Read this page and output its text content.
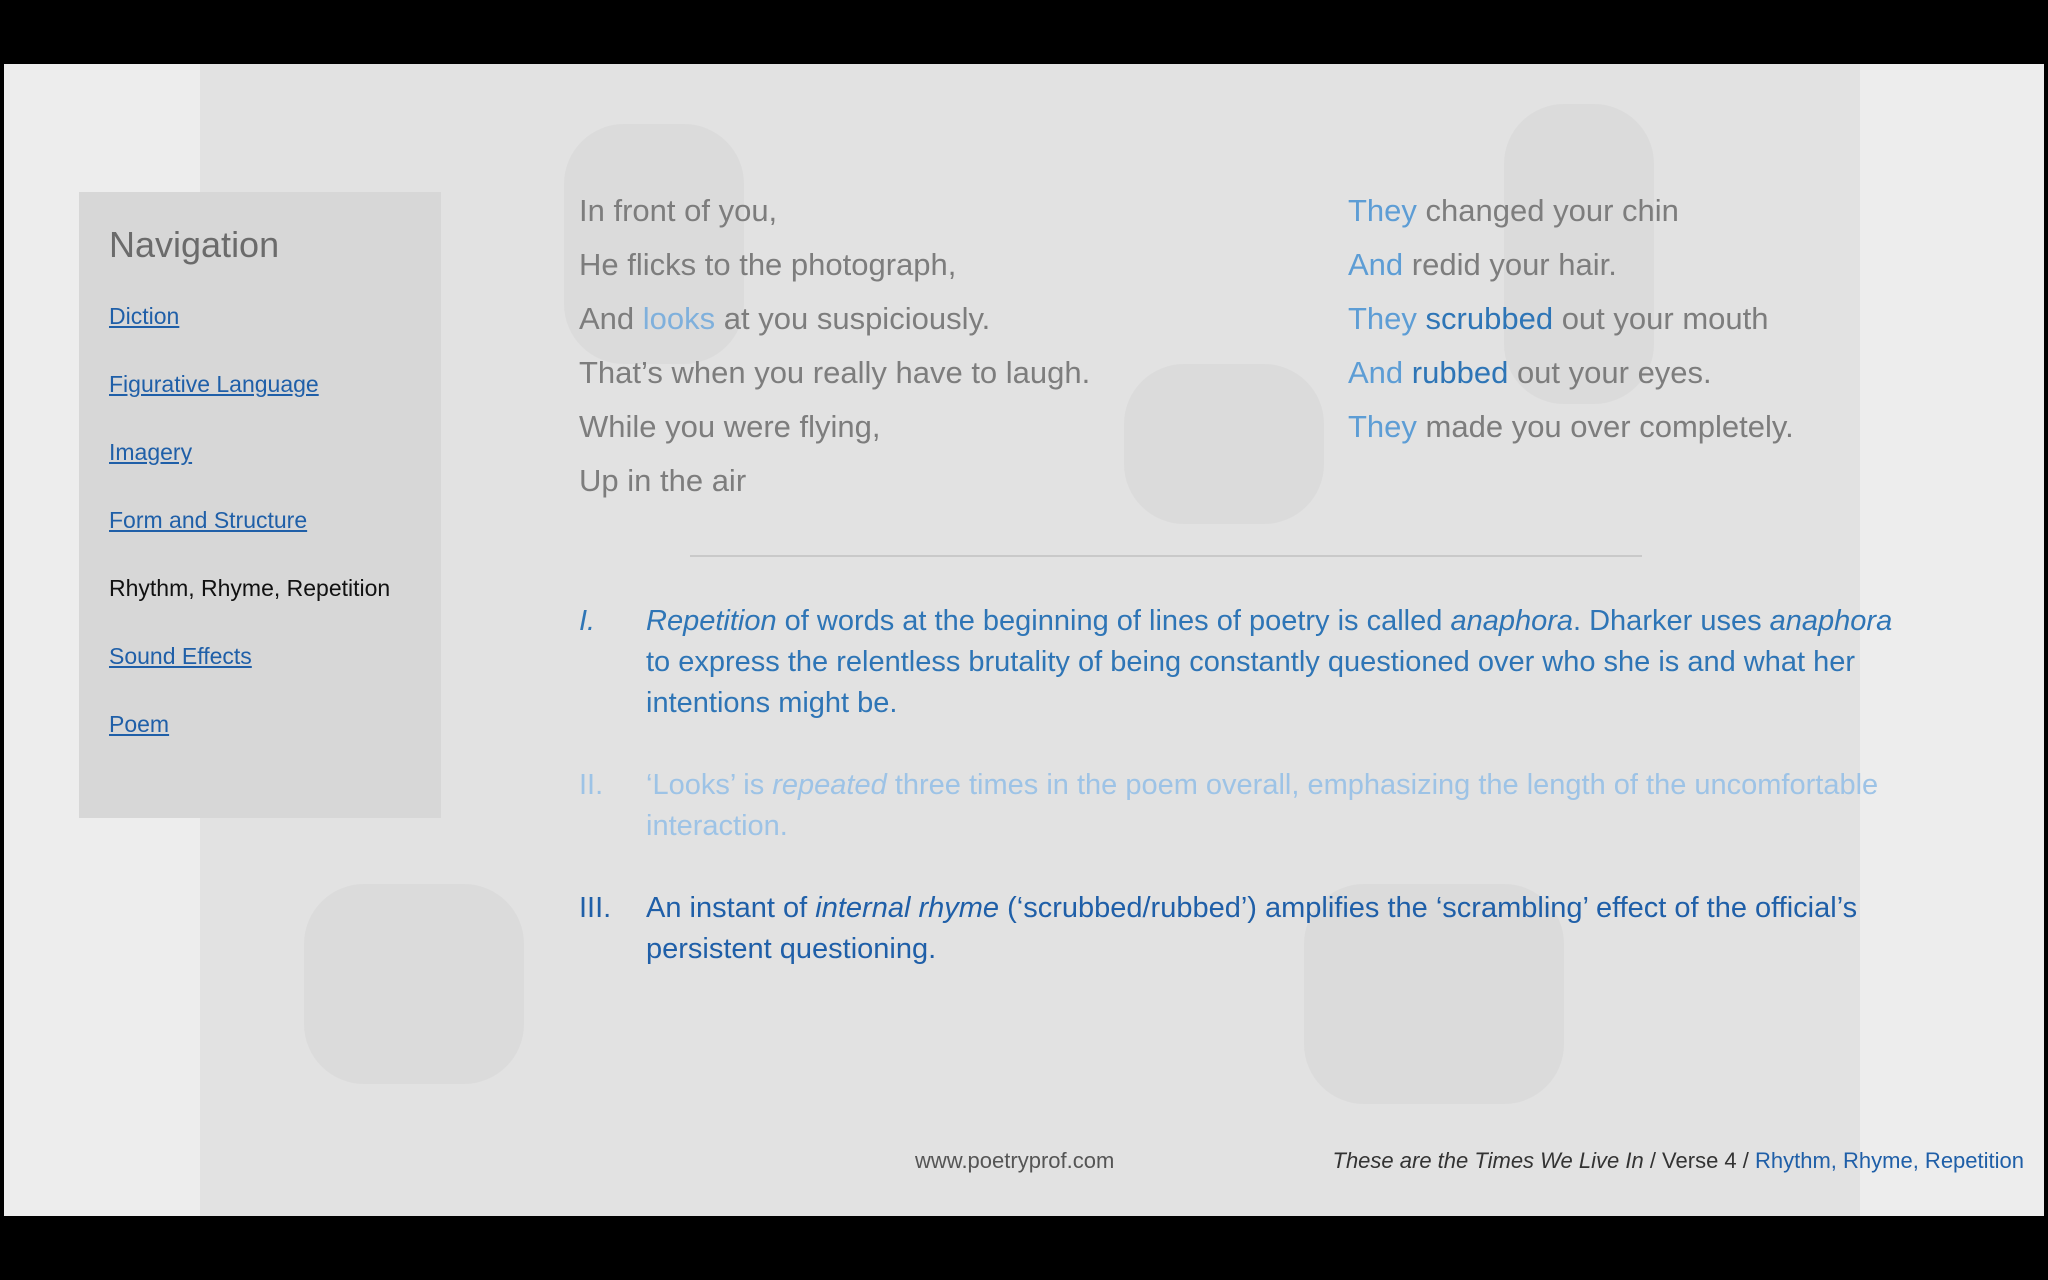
Navigation
Diction
Figurative Language
Imagery
Form and Structure
Rhythm, Rhyme, Repetition
Sound Effects
Poem
In front of you,
He flicks to the photograph,
And looks at you suspiciously.
That’s when you really have to laugh.
While you were flying,
Up in the air
They changed your chin
And redid your hair.
They scrubbed out your mouth
And rubbed out your eyes.
They made you over completely.
I. Repetition of words at the beginning of lines of poetry is called anaphora. Dharker uses anaphora to express the relentless brutality of being constantly questioned over who she is and what her intentions might be.
II. ‘Looks’ is repeated three times in the poem overall, emphasizing the length of the uncomfortable interaction.
III. An instant of internal rhyme (‘scrubbed/rubbed’) amplifies the ‘scrambling’ effect of the official’s persistent questioning.
www.poetryprof.com	These are the Times We Live In / Verse 4 / Rhythm, Rhyme, Repetition
